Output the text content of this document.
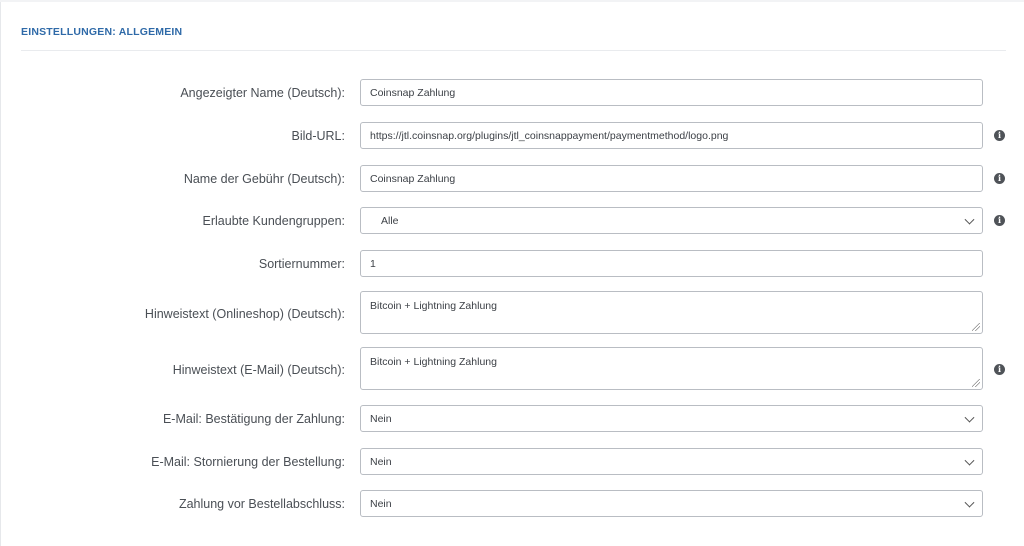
EINSTELLUNGEN: ALLGEMEIN
Angezeigter Name (Deutsch):	Coinsnap Zahlung
Bild-URL:	https://jtl.coinsnap.org/plugins/jtl_coinsnappayment/paymentmethod/logo.png	i
Name der Gebühr (Deutsch):	Coinsnap Zahlung	i
Erlaubte Kundengruppen:	Alle	i
Sortiernummer:	1
Hinweistext (Onlineshop) (Deutsch):
Bitcoin + Lightning Zahlung
Hinweistext (E-Mail) (Deutsch):
Bitcoin + Lightning Zahlung
i
E-Mail: Bestätigung der Zahlung: Nein
E-Mail: Stornierung der Bestellung: Nein
Zahlung vor Bestellabschluss: Nein
